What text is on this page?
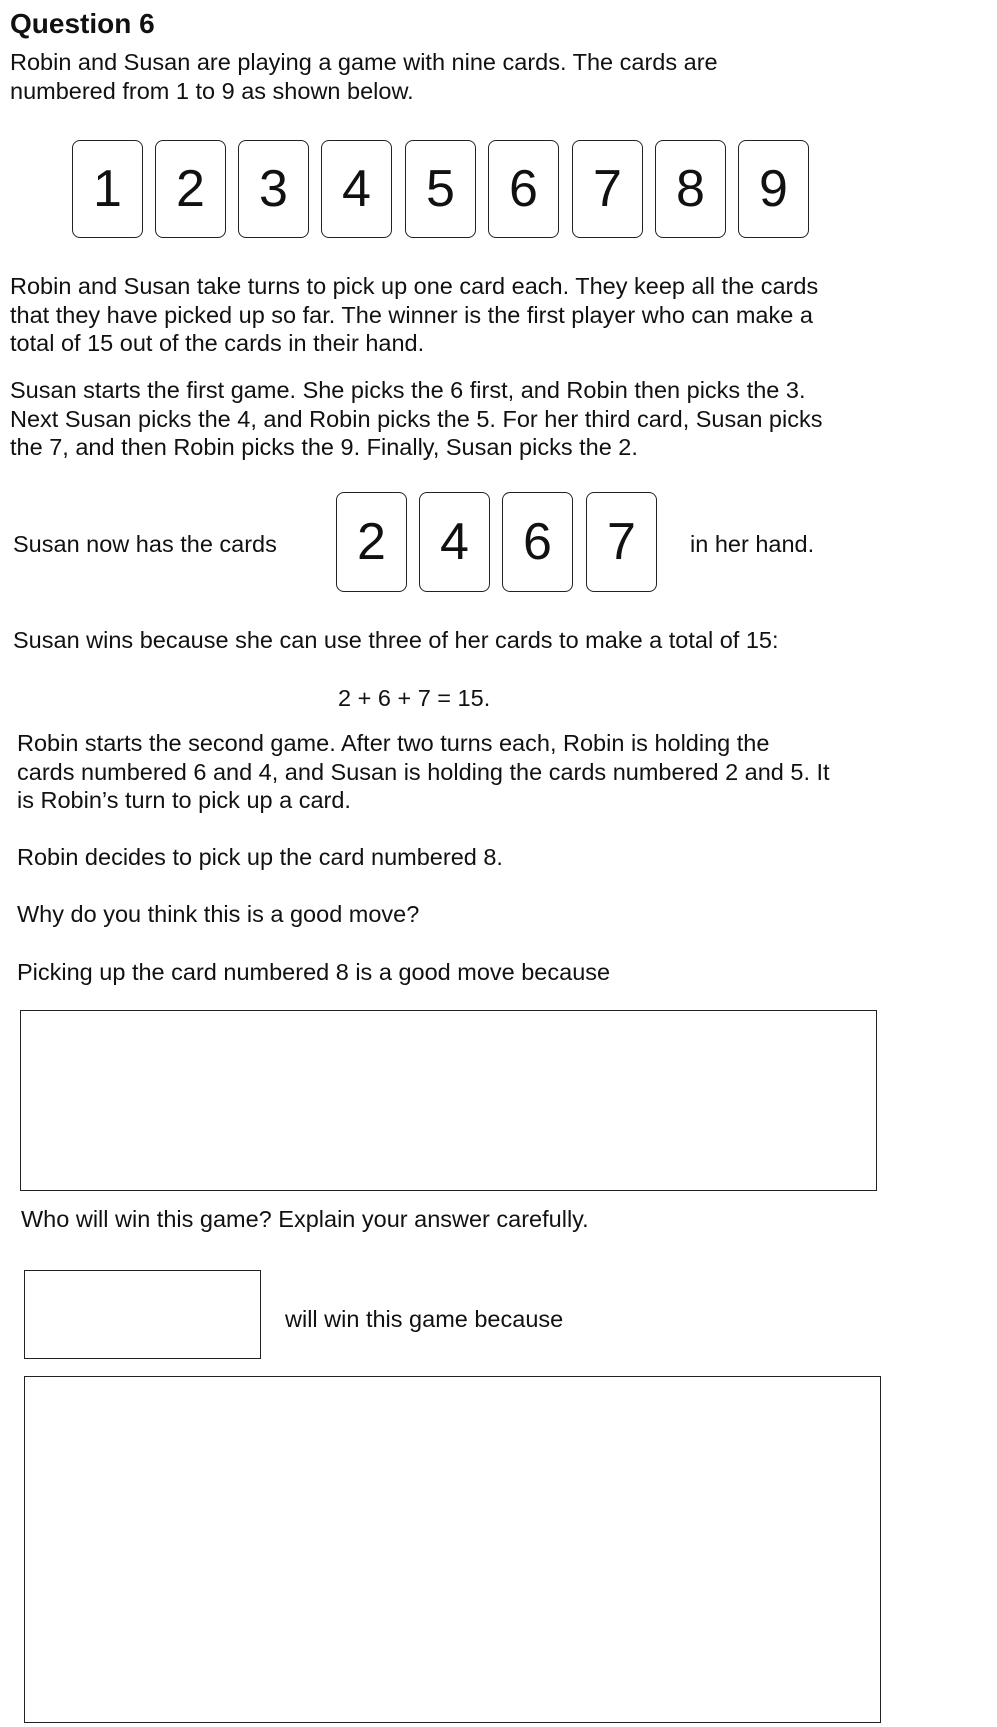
Question 6

Robin and Susan are playing a game with nine cards. The cards are
numbered from 1 to 9 as shown below.

1	2	3	4	5	6	7	8	9

Robin and Susan take turns to pick up one card each. They keep all the cards
that they have picked up so far. The winner is the first player who can make a
total of 15 out of the cards in their hand.

Susan starts the first game. She picks the 6 first, and Robin then picks the 3.
Next Susan picks the 4, and Robin picks the 5. For her third card, Susan picks
the 7, and then Robin picks the 9. Finally, Susan picks the 2.

Susan now has the cards	2	4	6	7	in her hand.

Susan wins because she can use three of her cards to make a total of 15:

2 + 6 + 7 = 15.

Robin starts the second game. After two turns each, Robin is holding the
cards numbered 6 and 4, and Susan is holding the cards numbered 2 and 5. It
is Robin’s turn to pick up a card.

Robin decides to pick up the card numbered 8.

Why do you think this is a good move?

Picking up the card numbered 8 is a good move because

Who will win this game? Explain your answer carefully.

will win this game because
